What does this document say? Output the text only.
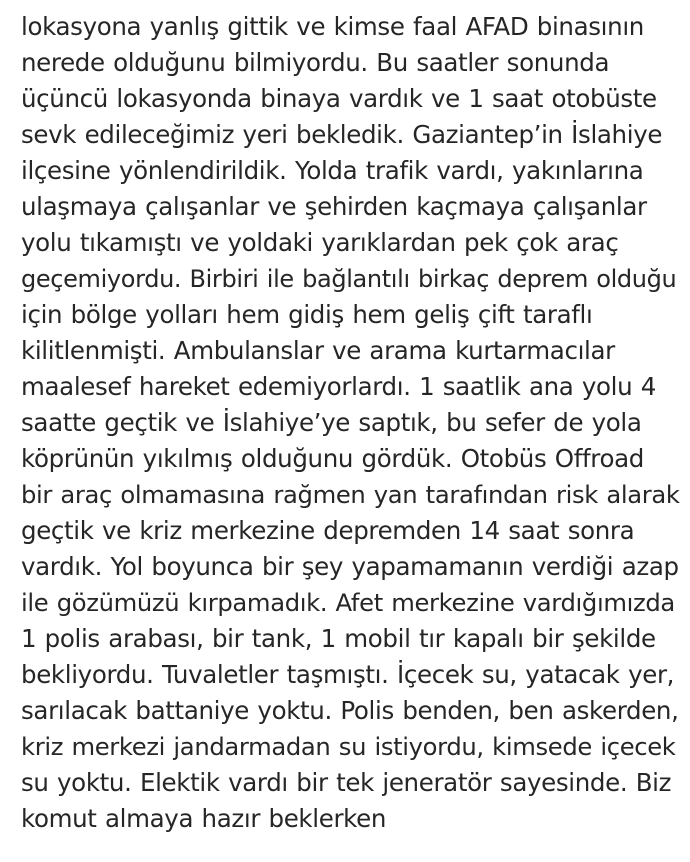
lokasyona yanlış gittik ve kimse faal AFAD binasının
nerede olduğunu bilmiyordu. Bu saatler sonunda
üçüncü lokasyonda binaya vardık ve 1 saat otobüste
sevk edileceğimiz yeri bekledik. Gaziantep’in İslahiye
ilçesine yönlendirildik. Yolda trafik vardı, yakınlarına
ulaşmaya çalışanlar ve şehirden kaçmaya çalışanlar
yolu tıkamıştı ve yoldaki yarıklardan pek çok araç
geçemiyordu. Birbiri ile bağlantılı birkaç deprem olduğu
için bölge yolları hem gidiş hem geliş çift taraflı
kilitlenmişti. Ambulanslar ve arama kurtarmacılar
maalesef hareket edemiyorlardı. 1 saatlik ana yolu 4
saatte geçtik ve İslahiye’ye saptık, bu sefer de yola
köprünün yıkılmış olduğunu gördük. Otobüs Offroad
bir araç olmamasına rağmen yan tarafından risk alarak
geçtik ve kriz merkezine depremden 14 saat sonra
vardık. Yol boyunca bir şey yapamamanın verdiği azap
ile gözümüzü kırpamadık. Afet merkezine vardığımızda
1 polis arabası, bir tank, 1 mobil tır kapalı bir şekilde
bekliyordu. Tuvaletler taşmıştı. İçecek su, yatacak yer,
sarılacak battaniye yoktu. Polis benden, ben askerden,
kriz merkezi jandarmadan su istiyordu, kimsede içecek
su yoktu. Elektik vardı bir tek jeneratör sayesinde. Biz
komut almaya hazır beklerken
